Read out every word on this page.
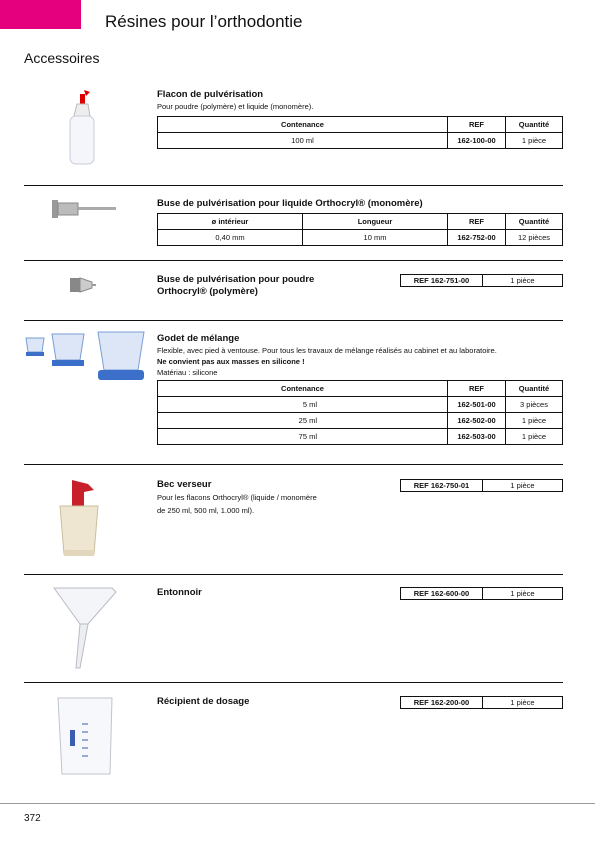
Résines pour l’orthodontie
Accessoires
Flacon de pulvérisation
Pour poudre (polymère) et liquide (monomère).
Contenance	REF	Quantité
100 ml	162-100-00	1 pièce
Buse de pulvérisation pour liquide Orthocryl® (monomère)
ø intérieur	Longueur	REF	Quantité
0,40 mm	10 mm	162-752-00	12 pièces
Buse de pulvérisation pour poudre
Orthocryl® (polymère)
REF 162-751-00	1 pièce
Godet de mélange
Flexible, avec pied à ventouse. Pour tous les travaux de mélange réalisés au cabinet et au laboratoire.
Ne convient pas aux masses en silicone !
Matériau : silicone
Contenance	REF	Quantité
5 ml	162-501-00	3 pièces
25 ml	162-502-00	1 pièce
75 ml	162-503-00	1 pièce
Bec verseur
Pour les flacons Orthocryl® (liquide / monomère
de 250 ml, 500 ml, 1.000 ml).
REF 162-750-01	1 pièce
Entonnoir	REF 162-600-00	1 pièce
Récipient de dosage	REF 162-200-00	1 pièce
372
